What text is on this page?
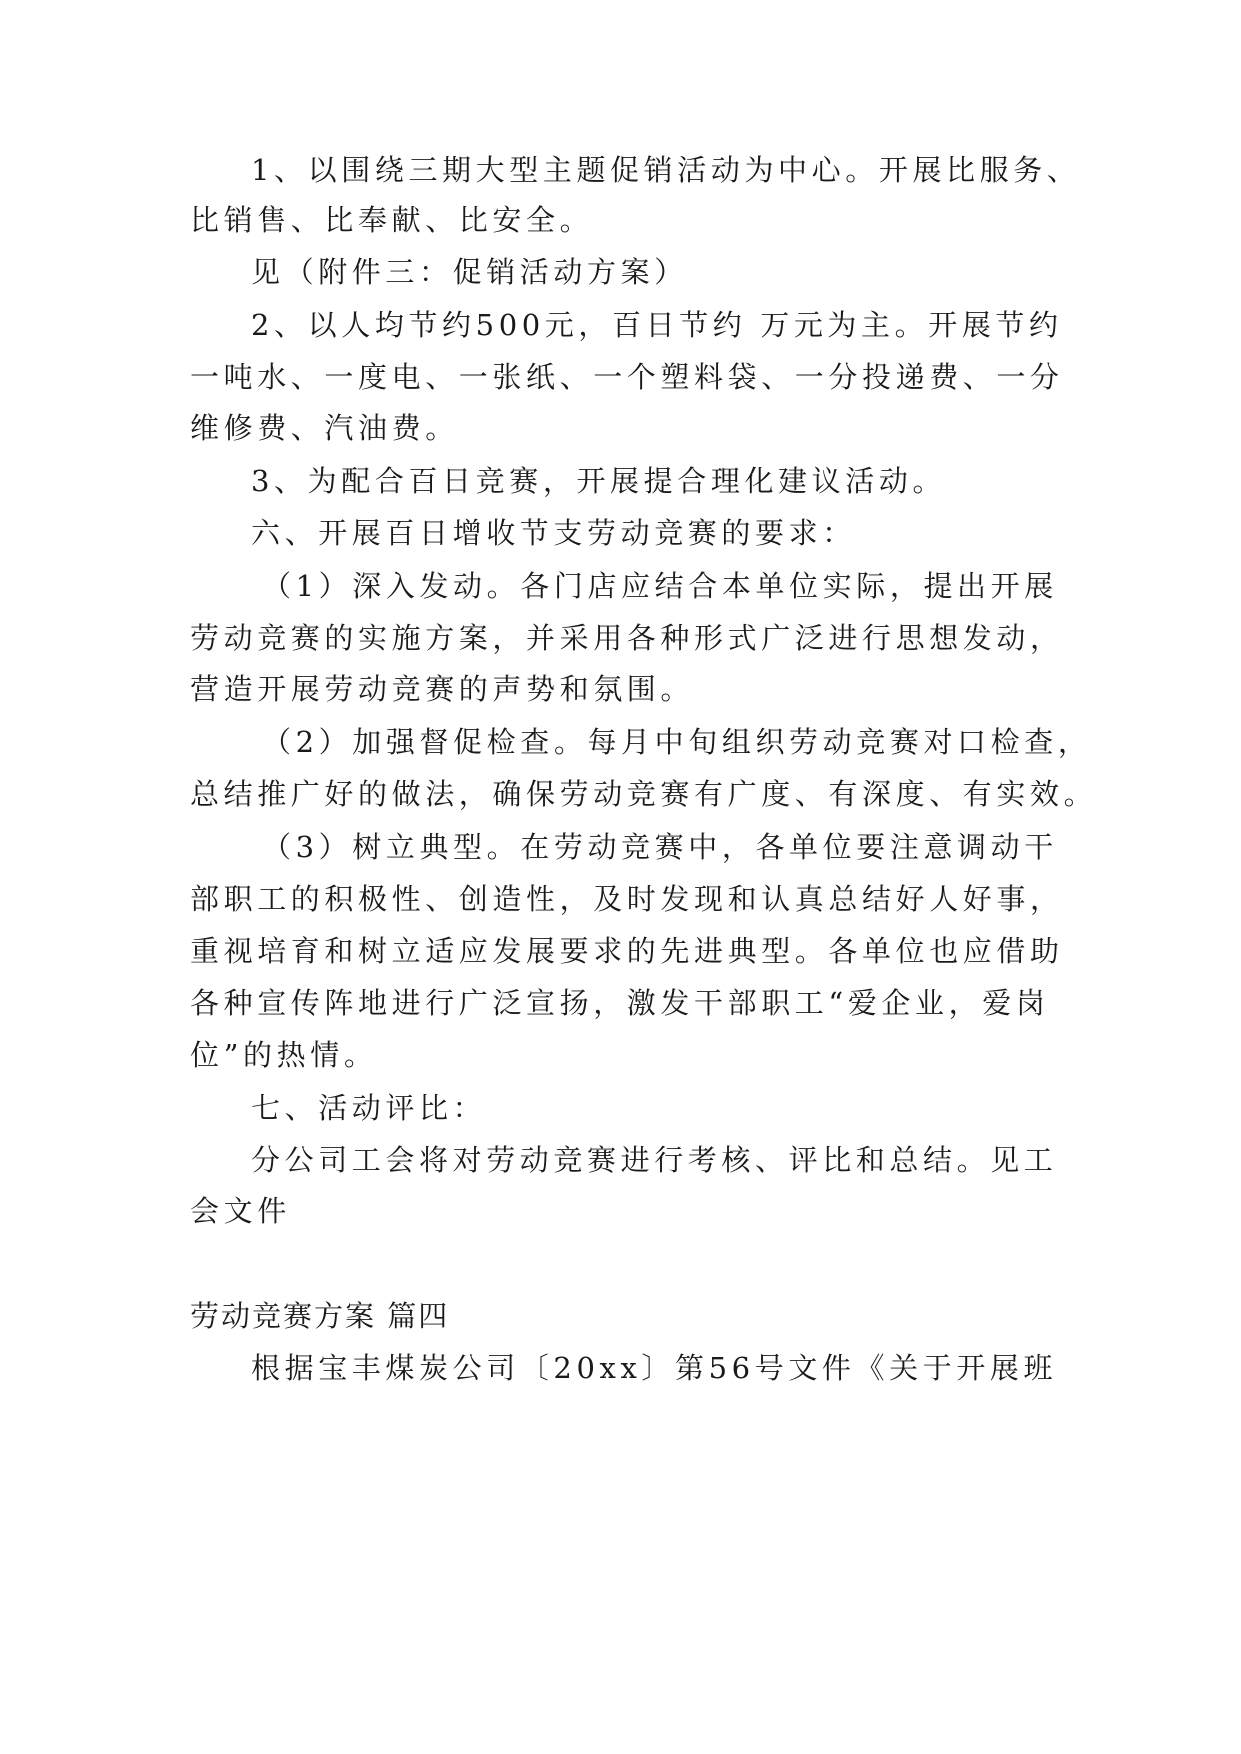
1、以围绕三期大型主题促销活动为中心。开展比服务、
比销售、比奉献、比安全。
见（附件三：促销活动方案）
2、以人均节约500元，百日节约 万元为主。开展节约
一吨水、一度电、一张纸、一个塑料袋、一分投递费、一分
维修费、汽油费。
3、为配合百日竞赛，开展提合理化建议活动。
六、开展百日增收节支劳动竞赛的要求：
（1）深入发动。各门店应结合本单位实际，提出开展
劳动竞赛的实施方案，并采用各种形式广泛进行思想发动，
营造开展劳动竞赛的声势和氛围。
（2）加强督促检查。每月中旬组织劳动竞赛对口检查，
总结推广好的做法，确保劳动竞赛有广度、有深度、有实效。
（3）树立典型。在劳动竞赛中，各单位要注意调动干
部职工的积极性、创造性，及时发现和认真总结好人好事，
重视培育和树立适应发展要求的先进典型。各单位也应借助
各种宣传阵地进行广泛宣扬，激发干部职工“爱企业，爱岗
位”的热情。
七、活动评比：
分公司工会将对劳动竞赛进行考核、评比和总结。见工
会文件
劳动竞赛方案 篇四
根据宝丰煤炭公司〔20xx〕第56号文件《关于开展班
